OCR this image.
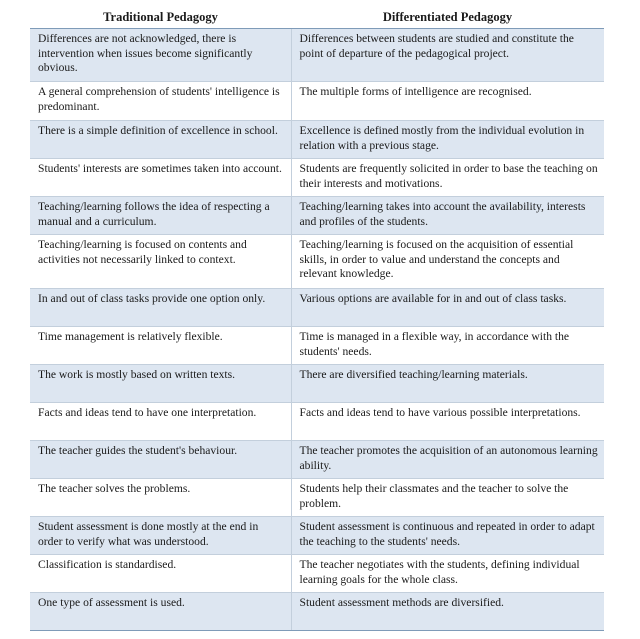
Traditional Pedagogy	Differentiated Pedagogy
Differences are not acknowledged, there is intervention when issues become significantly obvious.	Differences between students are studied and constitute the point of departure of the pedagogical project.
A general comprehension of students' intelligence is predominant.	The multiple forms of intelligence are recognised.
There is a simple definition of excellence in school.	Excellence is defined mostly from the individual evolution in relation with a previous stage.
Students' interests are sometimes taken into account.	Students are frequently solicited in order to base the teaching on their interests and motivations.
Teaching/learning follows the idea of respecting a manual and a curriculum.	Teaching/learning takes into account the availability, interests and profiles of the students.
Teaching/learning is focused on contents and activities not necessarily linked to context.	Teaching/learning is focused on the acquisition of essential skills, in order to value and understand the concepts and relevant knowledge.
In and out of class tasks provide one option only.	Various options are available for in and out of class tasks.
Time management is relatively flexible.	Time is managed in a flexible way, in accordance with the students' needs.
The work is mostly based on written texts.	There are diversified teaching/learning materials.
Facts and ideas tend to have one interpretation.	Facts and ideas tend to have various possible interpretations.
The teacher guides the student's behaviour.	The teacher promotes the acquisition of an autonomous learning ability.
The teacher solves the problems.	Students help their classmates and the teacher to solve the problem.
Student assessment is done mostly at the end in order to verify what was understood.	Student assessment is continuous and repeated in order to adapt the teaching to the students' needs.
Classification is standardised.	The teacher negotiates with the students, defining individual learning goals for the whole class.
One type of assessment is used.	Student assessment methods are diversified.
